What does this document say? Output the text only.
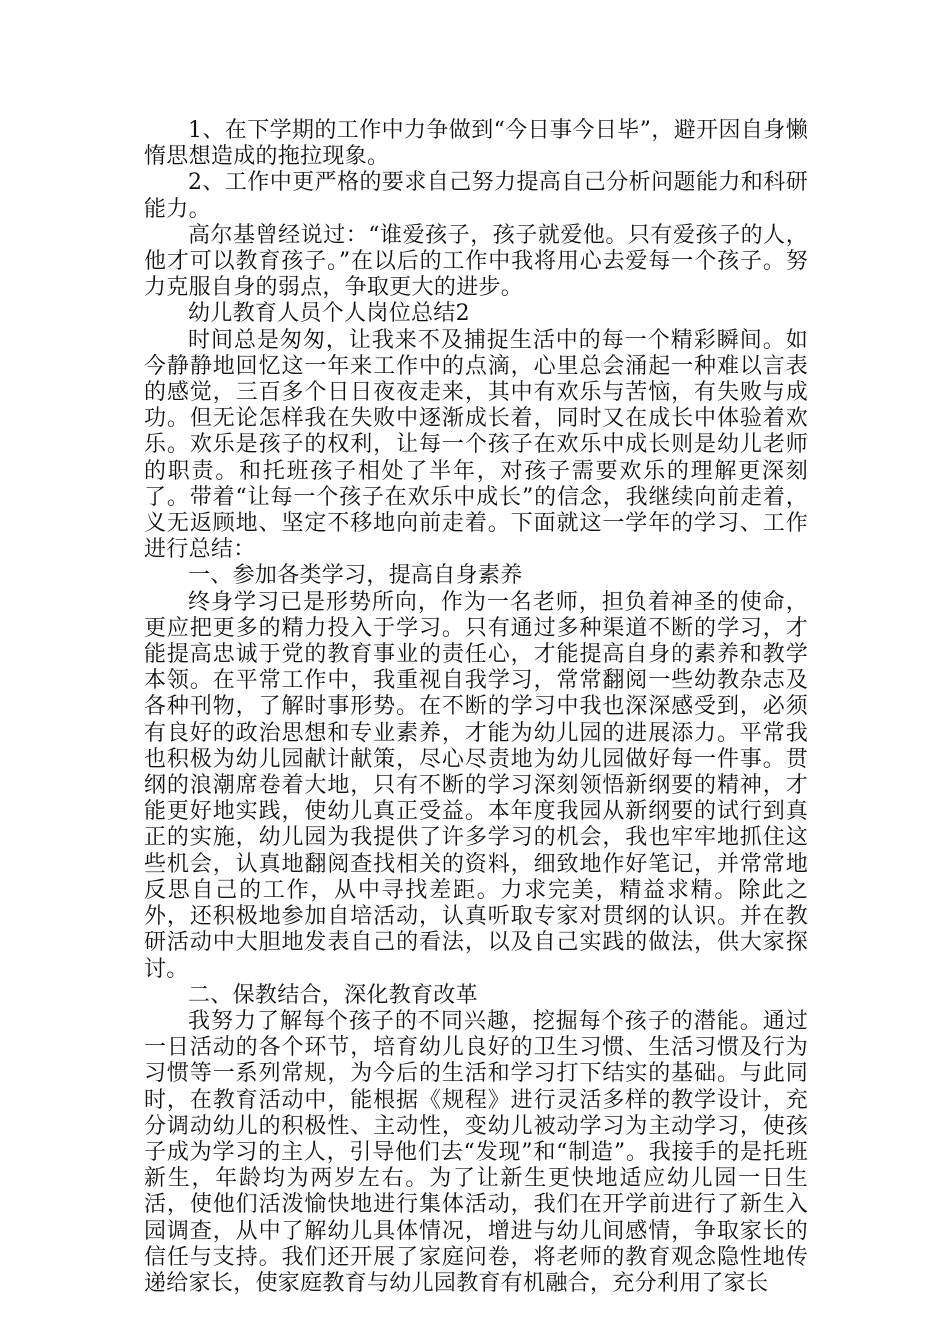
1、在下学期的工作中力争做到“今日事今日毕”，避开因自身懒惰思想造成的拖拉现象。

2、工作中更严格的要求自己努力提高自己分析问题能力和科研能力。

高尔基曾经说过：“谁爱孩子，孩子就爱他。只有爱孩子的人，他才可以教育孩子。”在以后的工作中我将用心去爱每一个孩子。努力克服自身的弱点，争取更大的进步。

幼儿教育人员个人岗位总结2

时间总是匆匆，让我来不及捕捉生活中的每一个精彩瞬间。如今静静地回忆这一年来工作中的点滴，心里总会涌起一种难以言表的感觉，三百多个日日夜夜走来，其中有欢乐与苦恼，有失败与成功。但无论怎样我在失败中逐渐成长着，同时又在成长中体验着欢乐。欢乐是孩子的权利，让每一个孩子在欢乐中成长则是幼儿老师的职责。和托班孩子相处了半年，对孩子需要欢乐的理解更深刻了。带着“让每一个孩子在欢乐中成长”的信念，我继续向前走着，义无返顾地、坚定不移地向前走着。下面就这一学年的学习、工作进行总结：

一、参加各类学习，提高自身素养

终身学习已是形势所向，作为一名老师，担负着神圣的使命，更应把更多的精力投入于学习。只有通过多种渠道不断的学习，才能提高忠诚于党的教育事业的责任心，才能提高自身的素养和教学本领。在平常工作中，我重视自我学习，常常翻阅一些幼教杂志及各种刊物，了解时事形势。在不断的学习中我也深深感受到，必须有良好的政治思想和专业素养，才能为幼儿园的进展添力。平常我也积极为幼儿园献计献策，尽心尽责地为幼儿园做好每一件事。贯纲的浪潮席卷着大地，只有不断的学习深刻领悟新纲要的精神，才能更好地实践，使幼儿真正受益。本年度我园从新纲要的试行到真正的实施，幼儿园为我提供了许多学习的机会，我也牢牢地抓住这些机会，认真地翻阅查找相关的资料，细致地作好笔记，并常常地反思自己的工作，从中寻找差距。力求完美，精益求精。除此之外，还积极地参加自培活动，认真听取专家对贯纲的认识。并在教研活动中大胆地发表自己的看法，以及自己实践的做法，供大家探讨。

二、保教结合，深化教育改革

我努力了解每个孩子的不同兴趣，挖掘每个孩子的潜能。通过一日活动的各个环节，培育幼儿良好的卫生习惯、生活习惯及行为习惯等一系列常规，为今后的生活和学习打下结实的基础。与此同时，在教育活动中，能根据《规程》进行灵活多样的教学设计，充分调动幼儿的积极性、主动性，变幼儿被动学习为主动学习，使孩子成为学习的主人，引导他们去“发现”和“制造”。我接手的是托班新生，年龄均为两岁左右。为了让新生更快地适应幼儿园一日生活，使他们活泼愉快地进行集体活动，我们在开学前进行了新生入园调查，从中了解幼儿具体情况，增进与幼儿间感情，争取家长的信任与支持。我们还开展了家庭问卷，将老师的教育观念隐性地传递给家长，使家庭教育与幼儿园教育有机融合，充分利用了家长
